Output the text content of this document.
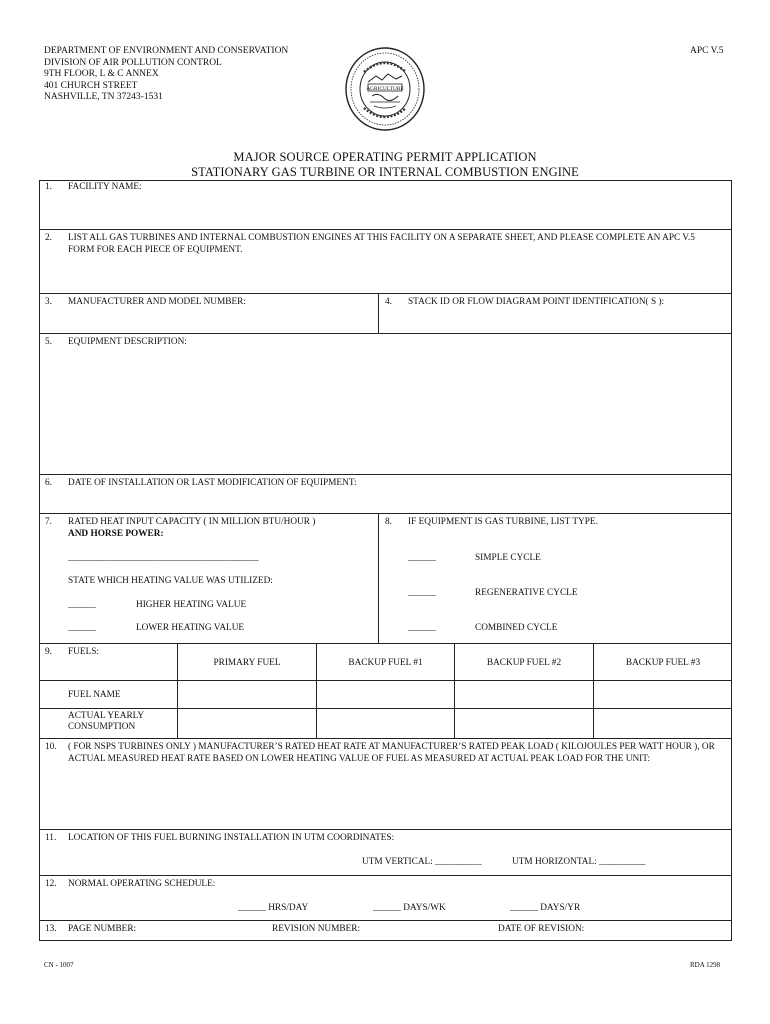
DEPARTMENT OF ENVIRONMENT AND CONSERVATION
DIVISION OF AIR POLLUTION CONTROL
9TH FLOOR, L & C ANNEX
401 CHURCH STREET
NASHVILLE, TN 37243-1531
APC V.5
AGRICULTURE
MAJOR SOURCE OPERATING PERMIT APPLICATION
STATIONARY GAS TURBINE OR INTERNAL COMBUSTION ENGINE
1. FACILITY NAME:
2. LIST ALL GAS TURBINES AND INTERNAL COMBUSTION ENGINES AT THIS FACILITY ON A SEPARATE SHEET, AND PLEASE COMPLETE AN APC V.5 FORM FOR EACH PIECE OF EQUIPMENT.
3. MANUFACTURER AND MODEL NUMBER:	4. STACK ID OR FLOW DIAGRAM POINT IDENTIFICATION( S ):
5. EQUIPMENT DESCRIPTION:
6. DATE OF INSTALLATION OR LAST MODIFICATION OF EQUIPMENT:
7. RATED HEAT INPUT CAPACITY ( IN MILLION BTU/HOUR )
AND HORSE POWER:
_________________________________________
STATE WHICH HEATING VALUE WAS UTILIZED:
______	HIGHER HEATING VALUE
______	LOWER HEATING VALUE
8. IF EQUIPMENT IS GAS TURBINE, LIST TYPE.
______	SIMPLE CYCLE
______	REGENERATIVE CYCLE
______	COMBINED CYCLE
9. FUELS:
PRIMARY FUEL	BACKUP FUEL #1	BACKUP FUEL #2	BACKUP FUEL #3
FUEL NAME
ACTUAL YEARLY
CONSUMPTION
10. ( FOR NSPS TURBINES ONLY ) MANUFACTURER’S RATED HEAT RATE AT MANUFACTURER’S RATED PEAK LOAD ( KILOJOULES PER WATT HOUR ), OR ACTUAL MEASURED HEAT RATE BASED ON LOWER HEATING VALUE OF FUEL AS MEASURED AT ACTUAL PEAK LOAD FOR THE UNIT:
11. LOCATION OF THIS FUEL BURNING INSTALLATION IN UTM COORDINATES:
UTM VERTICAL: __________	UTM HORIZONTAL: __________
12. NORMAL OPERATING SCHEDULE:
______ HRS/DAY	______ DAYS/WK	______ DAYS/YR
13. PAGE NUMBER:	REVISION NUMBER:	DATE OF REVISION:
CN - 1007	RDA 1298
